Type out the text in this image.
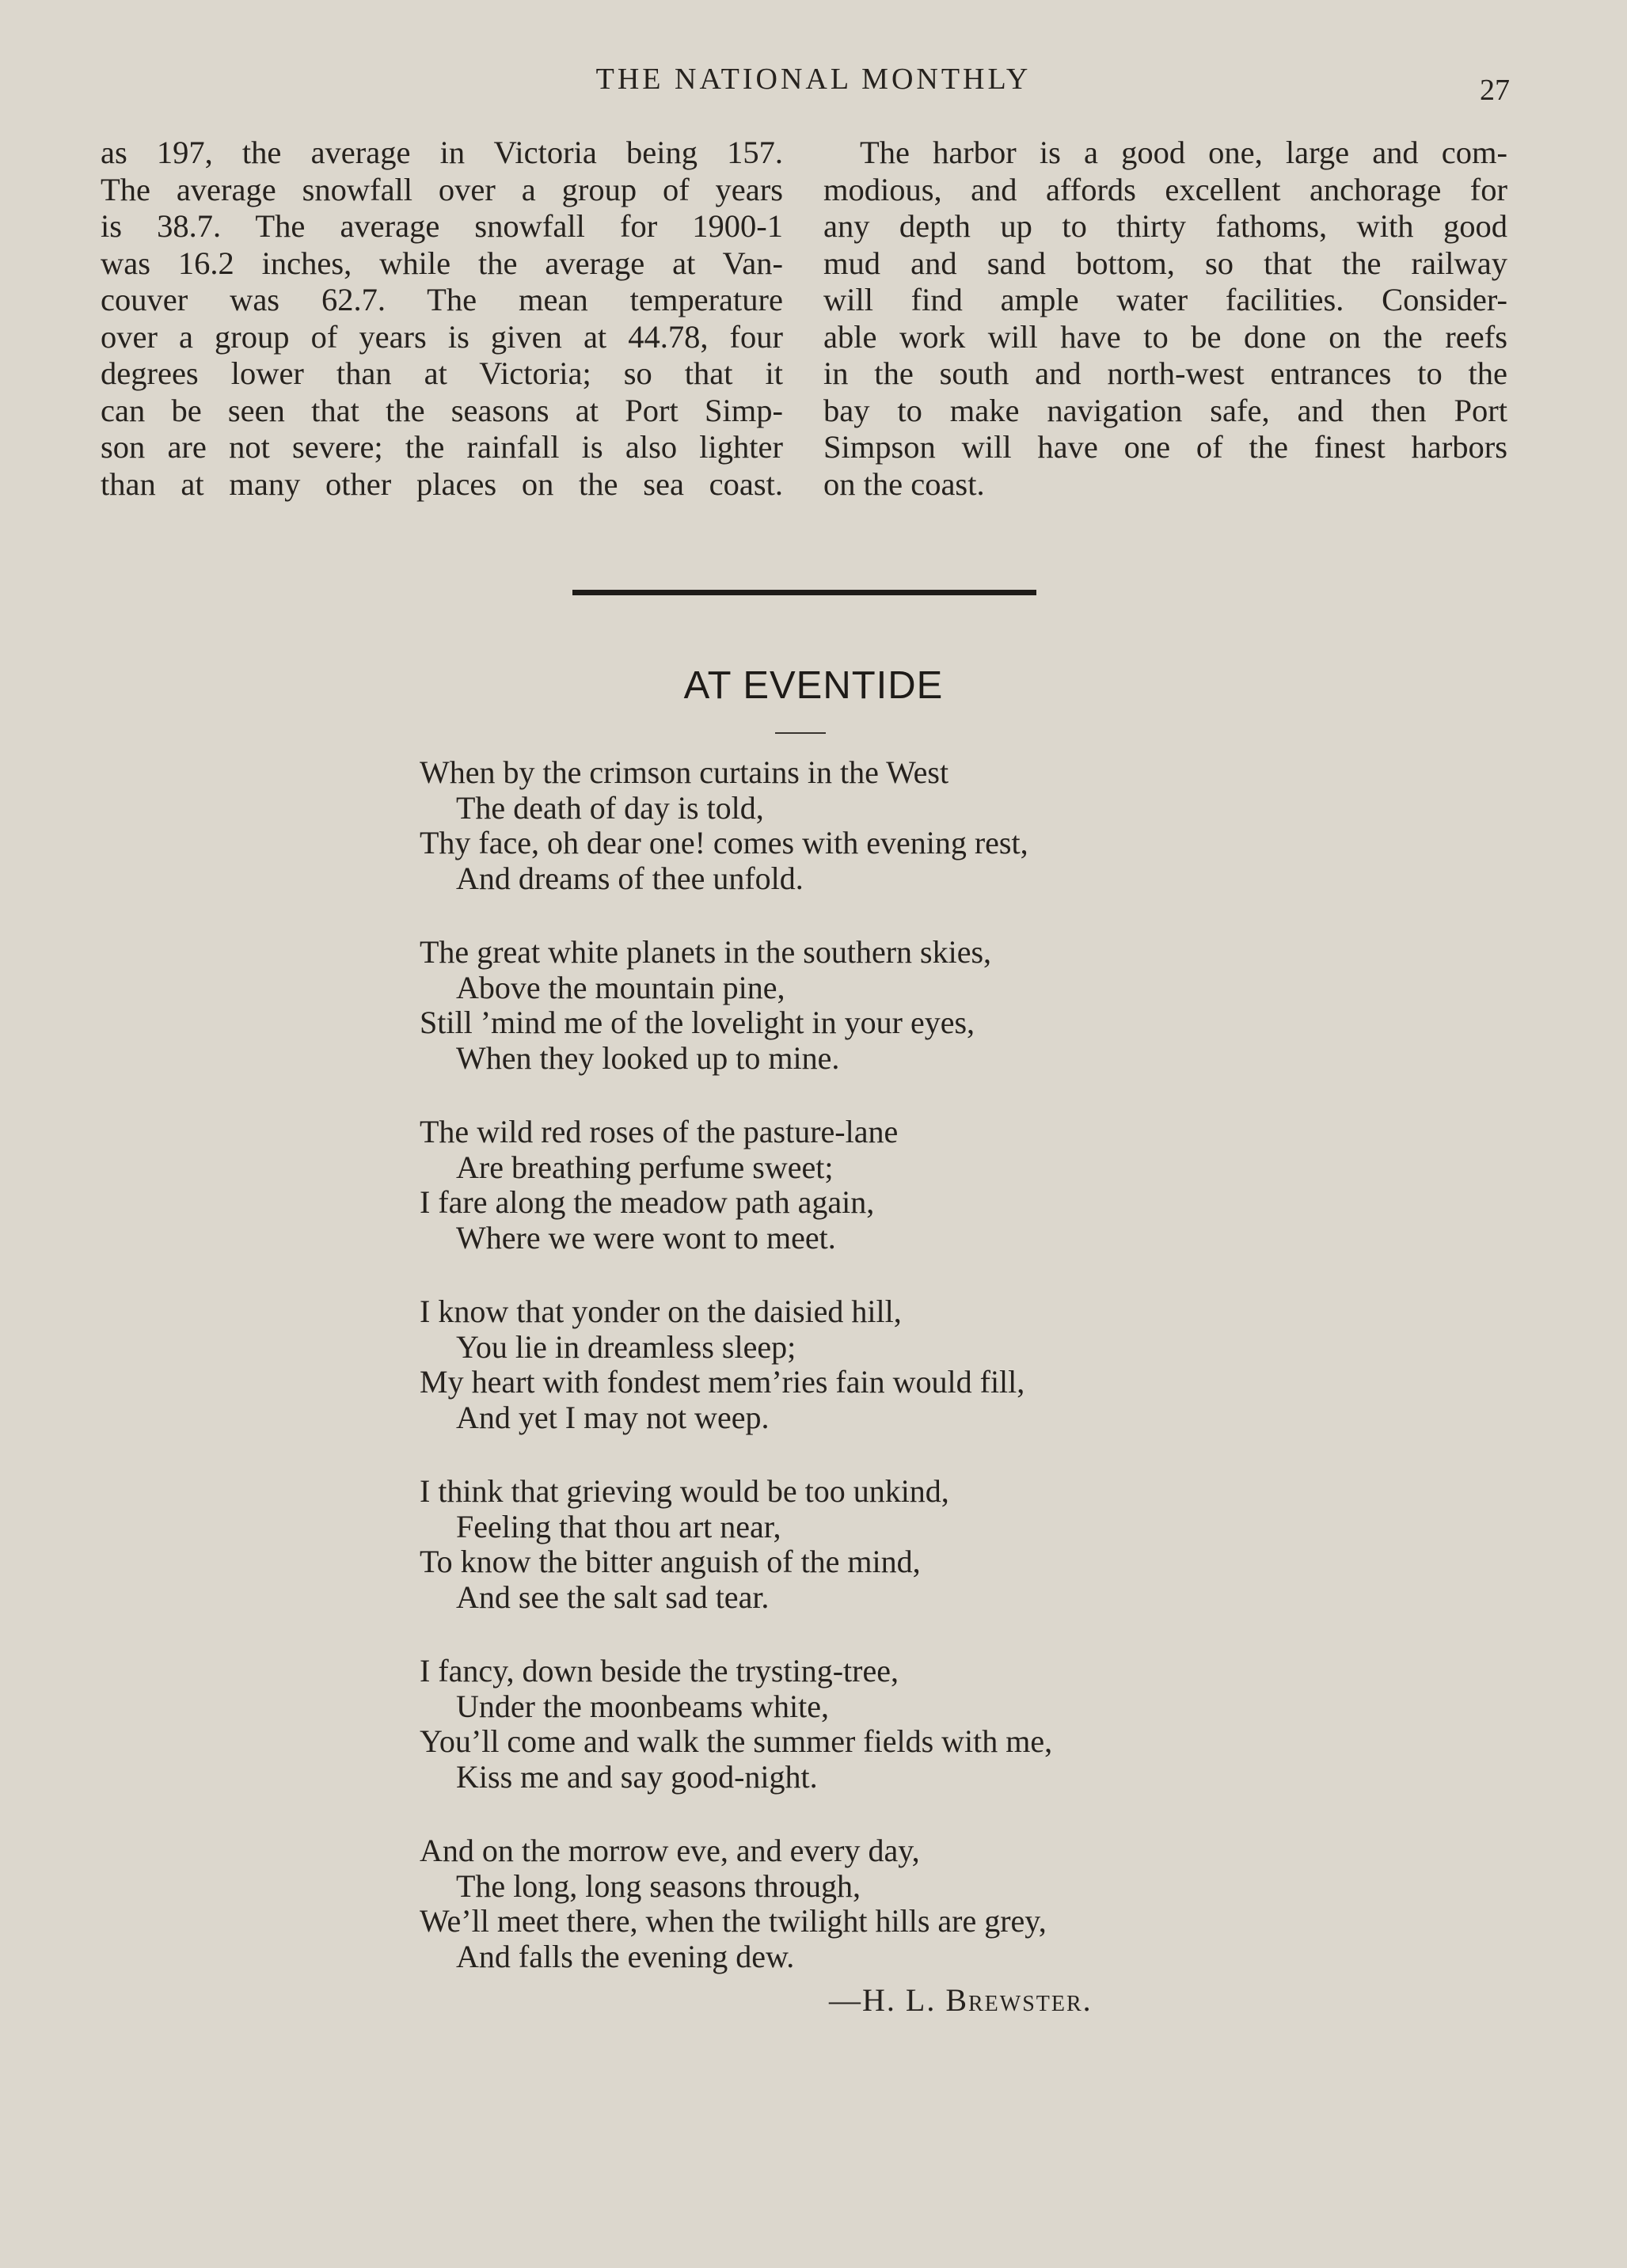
THE NATIONAL MONTHLY	27
as 197, the average in Victoria being 157.
The average snowfall over a group of years
is 38.7. The average snowfall for 1900-1
was 16.2 inches, while the average at Van-
couver was 62.7. The mean temperature
over a group of years is given at 44.78, four
degrees lower than at Victoria; so that it
can be seen that the seasons at Port Simp-
son are not severe; the rainfall is also lighter
than at many other places on the sea coast.
The harbor is a good one, large and com-
modious, and affords excellent anchorage for
any depth up to thirty fathoms, with good
mud and sand bottom, so that the railway
will find ample water facilities. Consider-
able work will have to be done on the reefs
in the south and north-west entrances to the
bay to make navigation safe, and then Port
Simpson will have one of the finest harbors
on the coast.
AT EVENTIDE
When by the crimson curtains in the West
The death of day is told,
Thy face, oh dear one! comes with evening rest,
And dreams of thee unfold.
The great white planets in the southern skies,
Above the mountain pine,
Still ’mind me of the lovelight in your eyes,
When they looked up to mine.
The wild red roses of the pasture-lane
Are breathing perfume sweet;
I fare along the meadow path again,
Where we were wont to meet.
I know that yonder on the daisied hill,
You lie in dreamless sleep;
My heart with fondest mem’ries fain would fill,
And yet I may not weep.
I think that grieving would be too unkind,
Feeling that thou art near,
To know the bitter anguish of the mind,
And see the salt sad tear.
I fancy, down beside the trysting-tree,
Under the moonbeams white,
You’ll come and walk the summer fields with me,
Kiss me and say good-night.
And on the morrow eve, and every day,
The long, long seasons through,
We’ll meet there, when the twilight hills are grey,
And falls the evening dew.
—H. L. Brewster.
